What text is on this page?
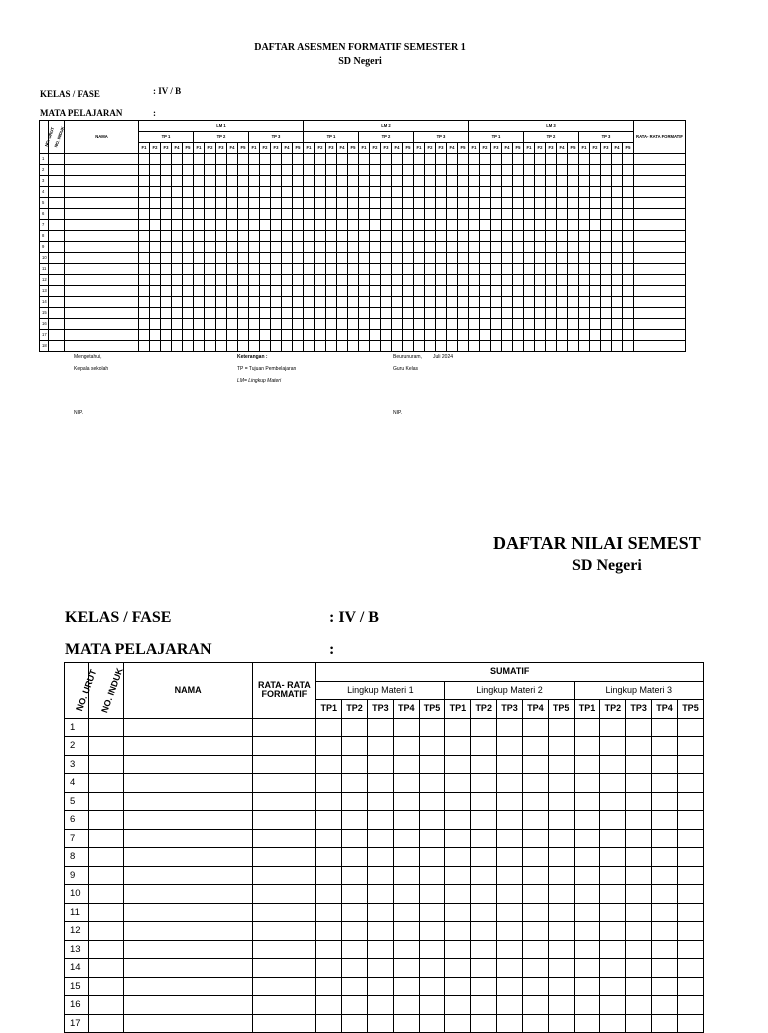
DAFTAR ASESMEN FORMATIF SEMESTER 1
SD Negeri
KELAS / FASE	: IV / B
MATA PELAJARAN	:
NO. URUT	NO. INDUK	NAMA	LM 1															LM 2															LM 3															RATA- RATA FORMATIF
			TP 1					TP 2					TP 3					TP 1					TP 2					TP 3					TP 1					TP 2					TP 3					
			F1	F2	F3	F4	F5	F1	F2	F3	F4	F5	F1	F2	F3	F4	F5	F1	F2	F3	F4	F5	F1	F2	F3	F4	F5	F1	F2	F3	F4	F5	F1	F2	F3	F4	F5	F1	F2	F3	F4	F5	F1	F2	F3	F4	F5	
1																																																
2																																																
3																																																
4																																																
5																																																
6																																																
7																																																
8																																																
9																																																
10																																																
11																																																
12																																																
13																																																
14																																																
15																																																
16																																																
17																																																
18																																																
Mengetahui,
Kepala sekolah
NIP.
Keterangan :
TP = Tujuan Pembelajaran
LM= Lingkup Materi
Beurunuram, Juli 2024
Guru Kelas
NIP.
DAFTAR NILAI SEMEST
SD Negeri
KELAS / FASE	: IV / B
MATA PELAJARAN	:
NO. URUT	NO. INDUK	NAMA	RATA- RATA FORMATIF	SUMATIF														
				Lingkup Materi 1					Lingkup Materi 2					Lingkup Materi 3				
				TP1	TP2	TP3	TP4	TP5	TP1	TP2	TP3	TP4	TP5	TP1	TP2	TP3	TP4	TP5
1																		
2																		
3																		
4																		
5																		
6																		
7																		
8																		
9																		
10																		
11																		
12																		
13																		
14																		
15																		
16																		
17																		
